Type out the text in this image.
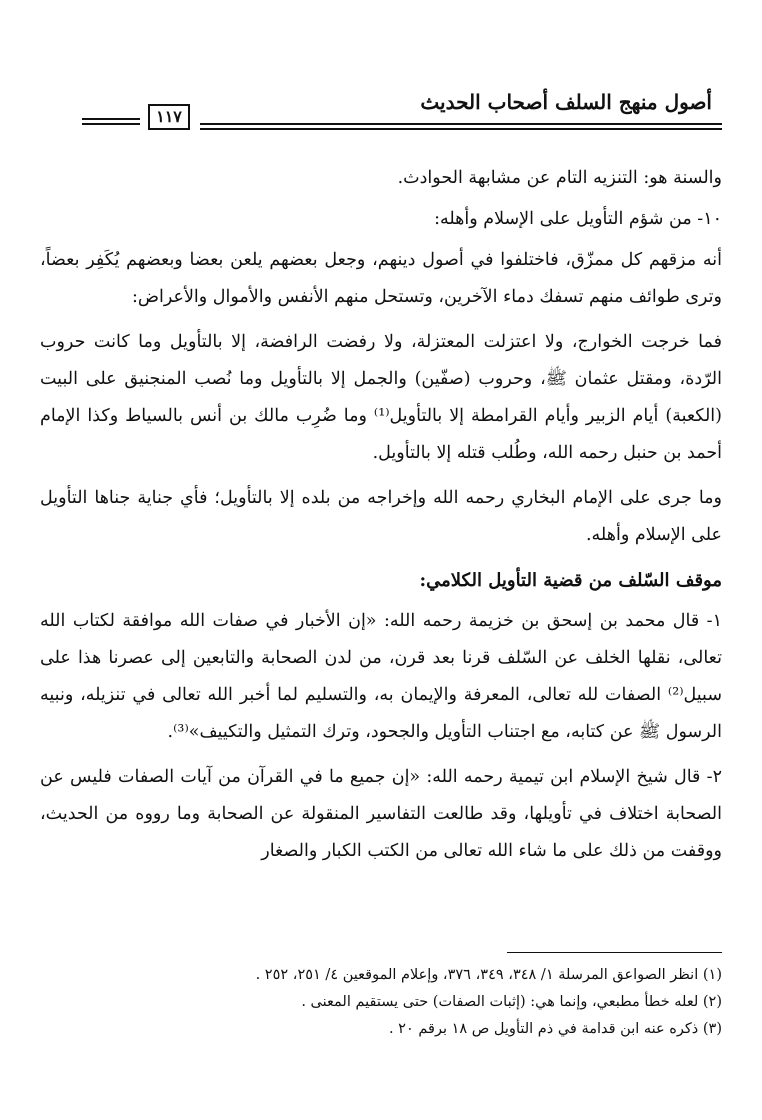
أصول منهج السلف أصحاب الحديث
١١٧

والسنة هو: التنزيه التام عن مشابهة الحوادث.

١٠- من شؤم التأويل على الإسلام وأهله:

أنه مزقهم كل ممزّق، فاختلفوا في أصول دينهم، وجعل بعضهم يلعن بعضا وبعضهم يُكَفِر بعضاً، وترى طوائف منهم تسفك دماء الآخرين، وتستحل منهم الأنفس والأموال والأعراض:

فما خرجت الخوارج، ولا اعتزلت المعتزلة، ولا رفضت الرافضة، إلا بالتأويل وما كانت حروب الرّدة، ومقتل عثمان ﷺ، وحروب (صفّين) والجمل إلا بالتأويل وما نُصب المنجنيق على البيت (الكعبة) أيام الزبير وأيام القرامطة إلا بالتأويل⁽¹⁾ وما ضُرِب مالك بن أنس بالسياط وكذا الإمام أحمد بن حنبل رحمه الله، وطُلب قتله إلا بالتأويل.

وما جرى على الإمام البخاري رحمه الله وإخراجه من بلده إلا بالتأويل؛ فأي جناية جناها التأويل على الإسلام وأهله.

موقف السّلف من قضية التأويل الكلامي:

١- قال محمد بن إسحق بن خزيمة رحمه الله: «إن الأخبار في صفات الله موافقة لكتاب الله تعالى، نقلها الخلف عن السّلف قرنا بعد قرن، من لدن الصحابة والتابعين إلى عصرنا هذا على سبيل⁽²⁾ الصفات لله تعالى، المعرفة والإيمان به، والتسليم لما أخبر الله تعالى في تنزيله، ونبيه الرسول ﷺ عن كتابه، مع اجتناب التأويل والجحود، وترك التمثيل والتكييف»⁽³⁾.

٢- قال شيخ الإسلام ابن تيمية رحمه الله: «إن جميع ما في القرآن من آيات الصفات فليس عن الصحابة اختلاف في تأويلها، وقد طالعت التفاسير المنقولة عن الصحابة وما رووه من الحديث، ووقفت من ذلك على ما شاء الله تعالى من الكتب الكبار والصغار

(١) انظر الصواعق المرسلة ١/ ٣٤٨، ٣٤٩، ٣٧٦، وإعلام الموقعين ٤/ ٢٥١، ٢٥٢ .
(٢) لعله خطأ مطبعي، وإنما هي: (إثبات الصفات) حتى يستقيم المعنى .
(٣) ذكره عنه ابن قدامة في ذم التأويل ص ١٨ برقم ٢٠ .
